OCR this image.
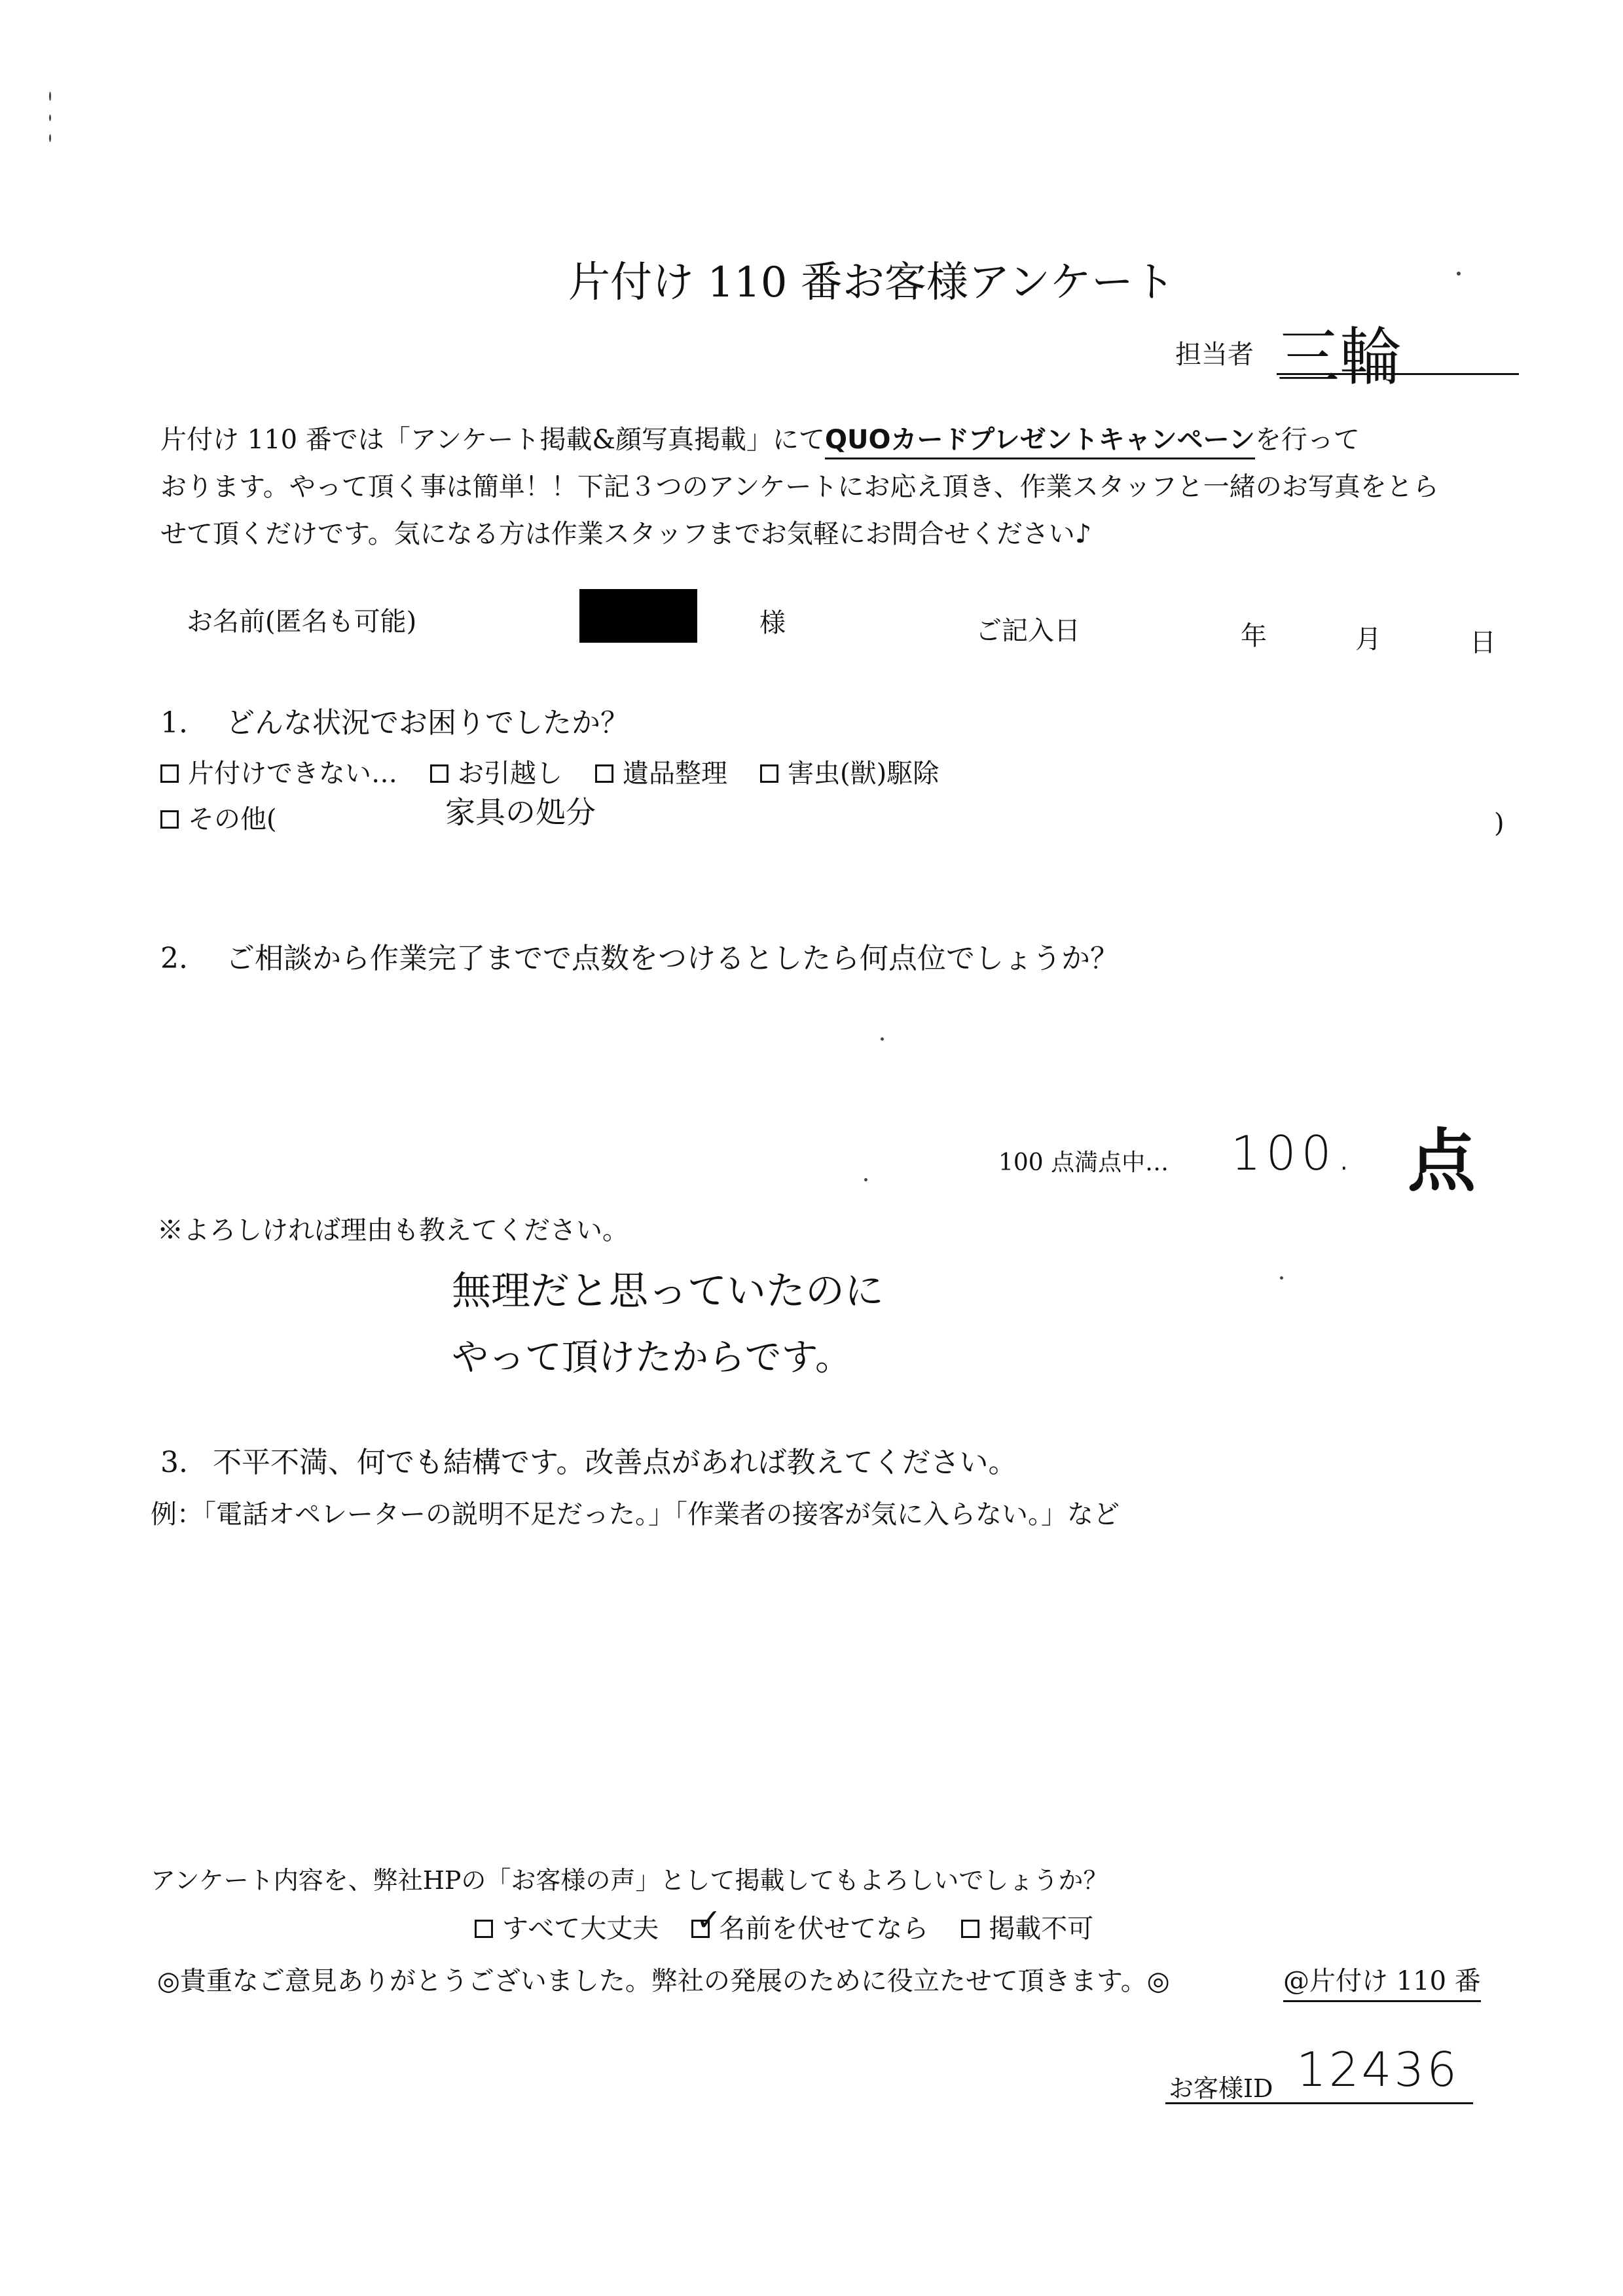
片付け 110 番お客様アンケート
担当者 三輪
片付け 110 番では「アンケート掲載&顔写真掲載」にてQUOカードプレゼントキャンペーンを行って
おります。やって頂く事は簡単！！下記３つのアンケートにお応え頂き、作業スタッフと一緒のお写真をとら
せて頂くだけです。気になる方は作業スタッフまでお気軽にお問合せください♪
お名前(匿名も可能)	様	ご記入日	年	月	日
1. どんな状況でお困りでしたか？
片付けできない… お引越し 遺品整理 害虫(獣)駆除
その他(	家具の処分	)
2. ご相談から作業完了までで点数をつけるとしたら何点位でしょうか？
100 点満点中… 100. 点
※よろしければ理由も教えてください。
無理だと思っていたのに
やって頂けたからです。
3. 不平不満、何でも結構です。改善点があれば教えてください。
例：「電話オペレーターの説明不足だった。」「作業者の接客が気に入らない。」など
アンケート内容を、弊社HPの「お客様の声」として掲載してもよろしいでしょうか？
すべて大丈夫 ✓
名前を伏せてなら 掲載不可
◎貴重なご意見ありがとうございました。弊社の発展のために役立たせて頂きます。◎	@片付け 110 番
お客様ID 12436
